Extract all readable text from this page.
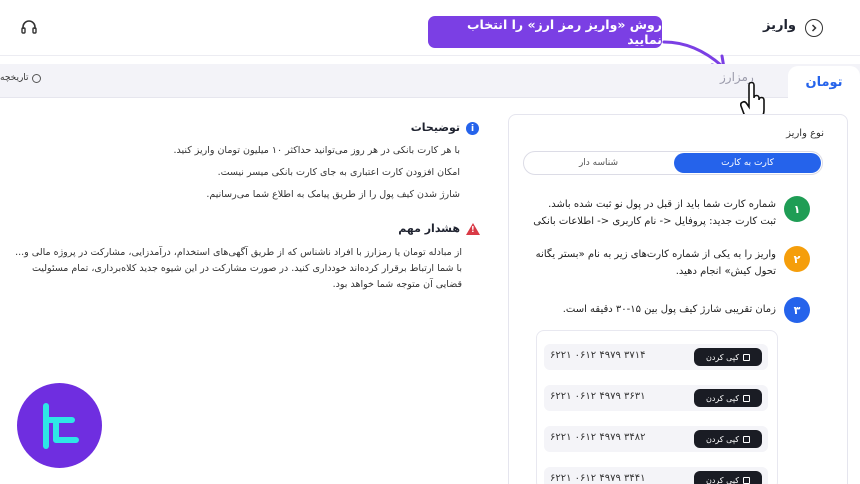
واریز
روش «واریز رمز ارز» را انتخاب نمایید
تومان
رمزارز
تاریخچه
نوع واریز
کارت به کارت
شناسه دار
۱
شماره کارت شما باید از قبل در پول نو ثبت شده باشد.
ثبت کارت جدید: پروفایل <- نام کاربری <- اطلاعات بانکی
۲
واریز را به یکی از شماره کارت‌های زیر به نام «بستر یگانه
تحول کیش» انجام دهید.
۳
زمان تقریبی شارژ کیف پول بین ۱۵-۳۰ دقیقه است.
۶۲۲۱ ۰۶۱۲ ۴۹۷۹ ۳۷۱۴	کپی کردن
۶۲۲۱ ۰۶۱۲ ۴۹۷۹ ۳۶۳۱	کپی کردن
۶۲۲۱ ۰۶۱۲ ۴۹۷۹ ۳۴۸۲	کپی کردن
۶۲۲۱ ۰۶۱۲ ۴۹۷۹ ۳۴۴۱	کپی کردن
i
توضیحات
با هر کارت بانکی در هر روز می‌توانید حداکثر ۱۰ میلیون تومان واریز کنید.
امکان افزودن کارت اعتباری به جای کارت بانکی میسر نیست.
شارژ شدن کیف پول را از طریق پیامک به اطلاع شما می‌رسانیم.
!
هشدار مهم
از مبادله تومان یا رمزارز با افراد ناشناس که از طریق آگهی‌های استخدام، درآمدزایی، مشارکت در پروژه مالی و...
با شما ارتباط برقرار کرده‌اند خودداری کنید. در صورت مشارکت در این شیوه جدید کلاه‌برداری، تمام مسئولیت
قضایی آن متوجه شما خواهد بود.
